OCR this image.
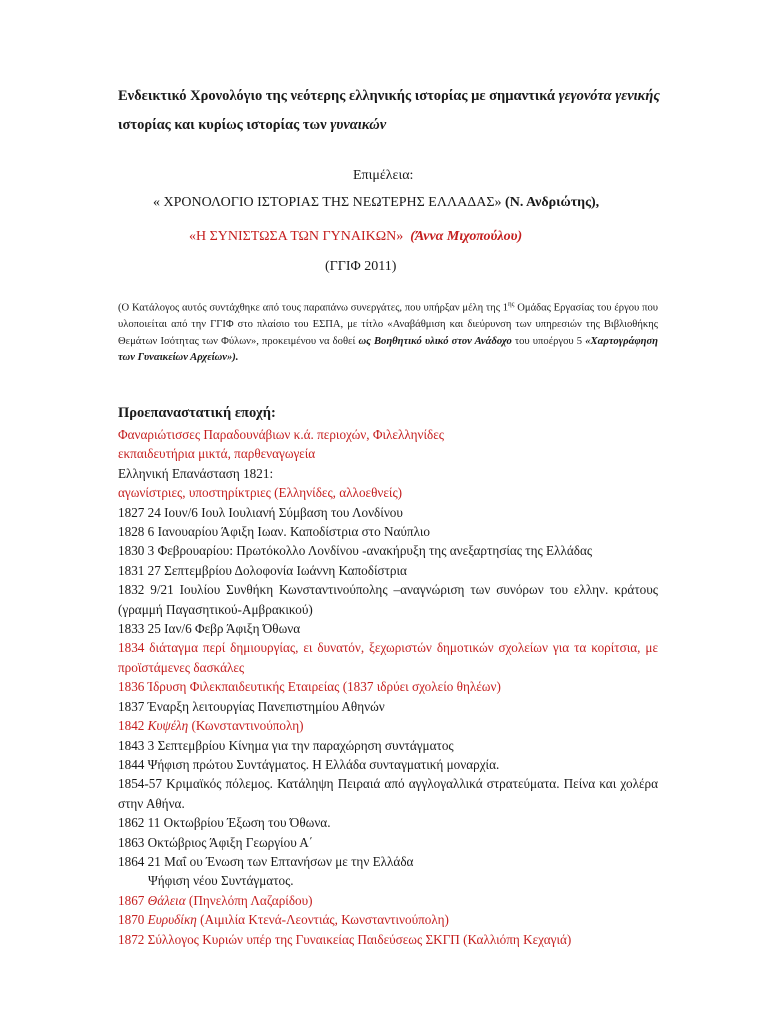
Ενδεικτικό Χρονολόγιο της νεότερης ελληνικής ιστορίας με σημαντικά γεγονότα γενικής ιστορίας και κυρίως ιστορίας των γυναικών

Επιμέλεια:
« ΧΡΟΝΟΛΟΓΙΟ ΙΣΤΟΡΙΑΣ ΤΗΣ ΝΕΩΤΕΡΗΣ ΕΛΛΑΔΑΣ» (Ν. Ανδριώτης),
«Η ΣΥΝΙΣΤΩΣΑ ΤΩΝ ΓΥΝΑΙΚΩΝ» (Άννα Μιχοπούλου)
(ΓΓΙΦ 2011)

(Ο Κατάλογος αυτός συντάχθηκε από τους παραπάνω συνεργάτες, που υπήρξαν μέλη της $1^{\eta\varsigma}$ Ομάδας Εργασίας του έργου που υλοποιείται από την ΓΓΙΦ στο πλαίσιο του ΕΣΠΑ, με τίτλο «Αναβάθμιση και διεύρυνση των υπηρεσιών της Βιβλιοθήκης Θεμάτων Ισότητας των Φύλων», προκειμένου να δοθεί ως Βοηθητικό υλικό στον Ανάδοχο του υποέργου 5 «Χαρτογράφηση των Γυναικείων Αρχείων»).

Προεπαναστατική εποχή:
Φαναριώτισσες Παραδουνάβιων κ.ά. περιοχών, Φιλελληνίδες
εκπαιδευτήρια μικτά, παρθεναγωγεία
Ελληνική Επανάσταση 1821:
αγωνίστριες, υποστηρίκτριες (Ελληνίδες, αλλοεθνείς)
1827 24 Ιουν/6 Ιουλ Ιουλιανή Σύμβαση του Λονδίνου
1828 6 Ιανουαρίου Άφιξη Ιωαν. Καποδίστρια στο Ναύπλιο
1830 3 Φεβρουαρίου: Πρωτόκολλο Λονδίνου -ανακήρυξη της ανεξαρτησίας της Ελλάδας
1831 27 Σεπτεμβρίου Δολοφονία Ιωάννη Καποδίστρια
1832 9/21 Ιουλίου Συνθήκη Κωνσταντινούπολης –αναγνώριση των συνόρων του ελλην. κράτους (γραμμή Παγασητικού-Αμβρακικού)
1833 25 Ιαν/6 Φεβρ Άφιξη Όθωνα
1834 διάταγμα περί δημιουργίας, ει δυνατόν, ξεχωριστών δημοτικών σχολείων για τα κορίτσια, με προϊστάμενες δασκάλες
1836 Ίδρυση Φιλεκπαιδευτικής Εταιρείας (1837 ιδρύει σχολείο θηλέων)
1837 Έναρξη λειτουργίας Πανεπιστημίου Αθηνών
1842 Κυψέλη (Κωνσταντινούπολη)
1843 3 Σεπτεμβρίου Κίνημα για την παραχώρηση συντάγματος
1844 Ψήφιση πρώτου Συντάγματος. Η Ελλάδα συνταγματική μοναρχία.
1854-57 Κριμαϊκός πόλεμος. Κατάληψη Πειραιά από αγγλογαλλικά στρατεύματα. Πείνα και χολέρα στην Αθήνα.
1862 11 Οκτωβρίου Έξωση του Όθωνα.
1863 Οκτώβριος Άφιξη Γεωργίου Α΄
1864 21 Μαΐ ου Ένωση των Επτανήσων με την Ελλάδα
Ψήφιση νέου Συντάγματος.
1867 Θάλεια (Πηνελόπη Λαζαρίδου)
1870 Ευρυδίκη (Αιμιλία Κτενά-Λεοντιάς, Κωνσταντινούπολη)
1872 Σύλλογος Κυριών υπέρ της Γυναικείας Παιδεύσεως ΣΚΓΠ (Καλλιόπη Κεχαγιά)
